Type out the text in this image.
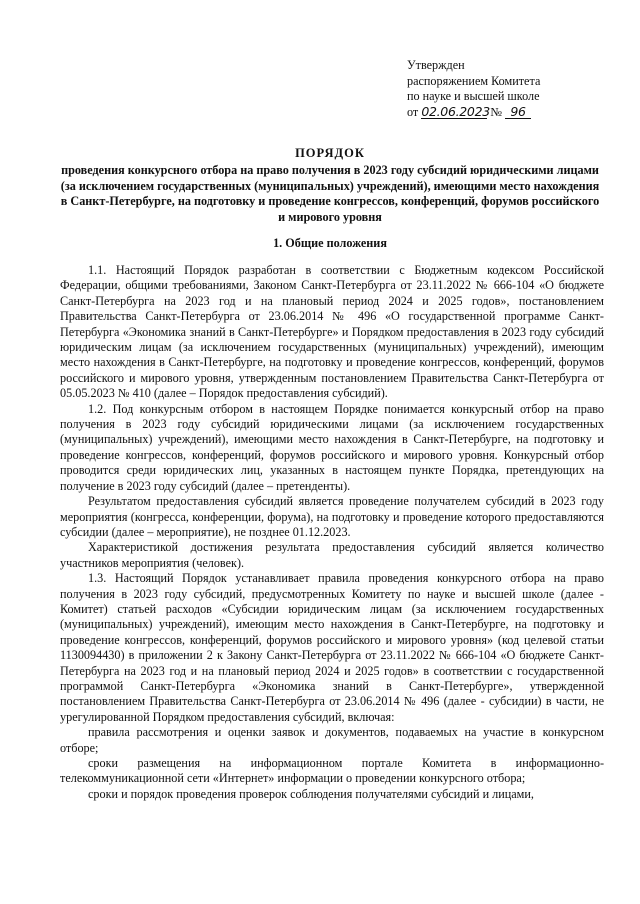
Утвержден
распоряжением Комитета
по науке и высшей школе
от 02.06.2023 № 96
ПОРЯДОК
проведения конкурсного отбора на право получения в 2023 году субсидий юридическими лицами (за исключением государственных (муниципальных) учреждений), имеющими место нахождения в Санкт-Петербурге, на подготовку и проведение конгрессов, конференций, форумов российского и мирового уровня
1. Общие положения

1.1. Настоящий Порядок разработан в соответствии с Бюджетным кодексом Российской Федерации, общими требованиями, Законом Санкт-Петербурга от 23.11.2022 № 666-104 «О бюджете Санкт-Петербурга на 2023 год и на плановый период 2024 и 2025 годов», постановлением Правительства Санкт-Петербурга от 23.06.2014 № 496 «О государственной программе Санкт-Петербурга «Экономика знаний в Санкт-Петербурге» и Порядком предоставления в 2023 году субсидий юридическим лицам (за исключением государственных (муниципальных) учреждений), имеющим место нахождения в Санкт-Петербурге, на подготовку и проведение конгрессов, конференций, форумов российского и мирового уровня, утвержденным постановлением Правительства Санкт-Петербурга от 05.05.2023 № 410 (далее – Порядок предоставления субсидий).

1.2. Под конкурсным отбором в настоящем Порядке понимается конкурсный отбор на право получения в 2023 году субсидий юридическими лицами (за исключением государственных (муниципальных) учреждений), имеющими место нахождения в Санкт-Петербурге, на подготовку и проведение конгрессов, конференций, форумов российского и мирового уровня. Конкурсный отбор проводится среди юридических лиц, указанных в настоящем пункте Порядка, претендующих на получение в 2023 году субсидий (далее – претенденты).

Результатом предоставления субсидий является проведение получателем субсидий в 2023 году мероприятия (конгресса, конференции, форума), на подготовку и проведение которого предоставляются субсидии (далее – мероприятие), не позднее 01.12.2023.

Характеристикой достижения результата предоставления субсидий является количество участников мероприятия (человек).

1.3. Настоящий Порядок устанавливает правила проведения конкурсного отбора на право получения в 2023 году субсидий, предусмотренных Комитету по науке и высшей школе (далее - Комитет) статьей расходов «Субсидии юридическим лицам (за исключением государственных (муниципальных) учреждений), имеющим место нахождения в Санкт-Петербурге, на подготовку и проведение конгрессов, конференций, форумов российского и мирового уровня» (код целевой статьи 1130094430) в приложении 2 к Закону Санкт-Петербурга от 23.11.2022 № 666-104 «О бюджете Санкт-Петербурга на 2023 год и на плановый период 2024 и 2025 годов» в соответствии с государственной программой Санкт-Петербурга «Экономика знаний в Санкт-Петербурге», утвержденной постановлением Правительства Санкт-Петербурга от 23.06.2014 № 496 (далее - субсидии) в части, не урегулированной Порядком предоставления субсидий, включая:

правила рассмотрения и оценки заявок и документов, подаваемых на участие в конкурсном отборе;

сроки размещения на информационном портале Комитета в информационно-телекоммуникационной сети «Интернет» информации о проведении конкурсного отбора;

сроки и порядок проведения проверок соблюдения получателями субсидий и лицами,
